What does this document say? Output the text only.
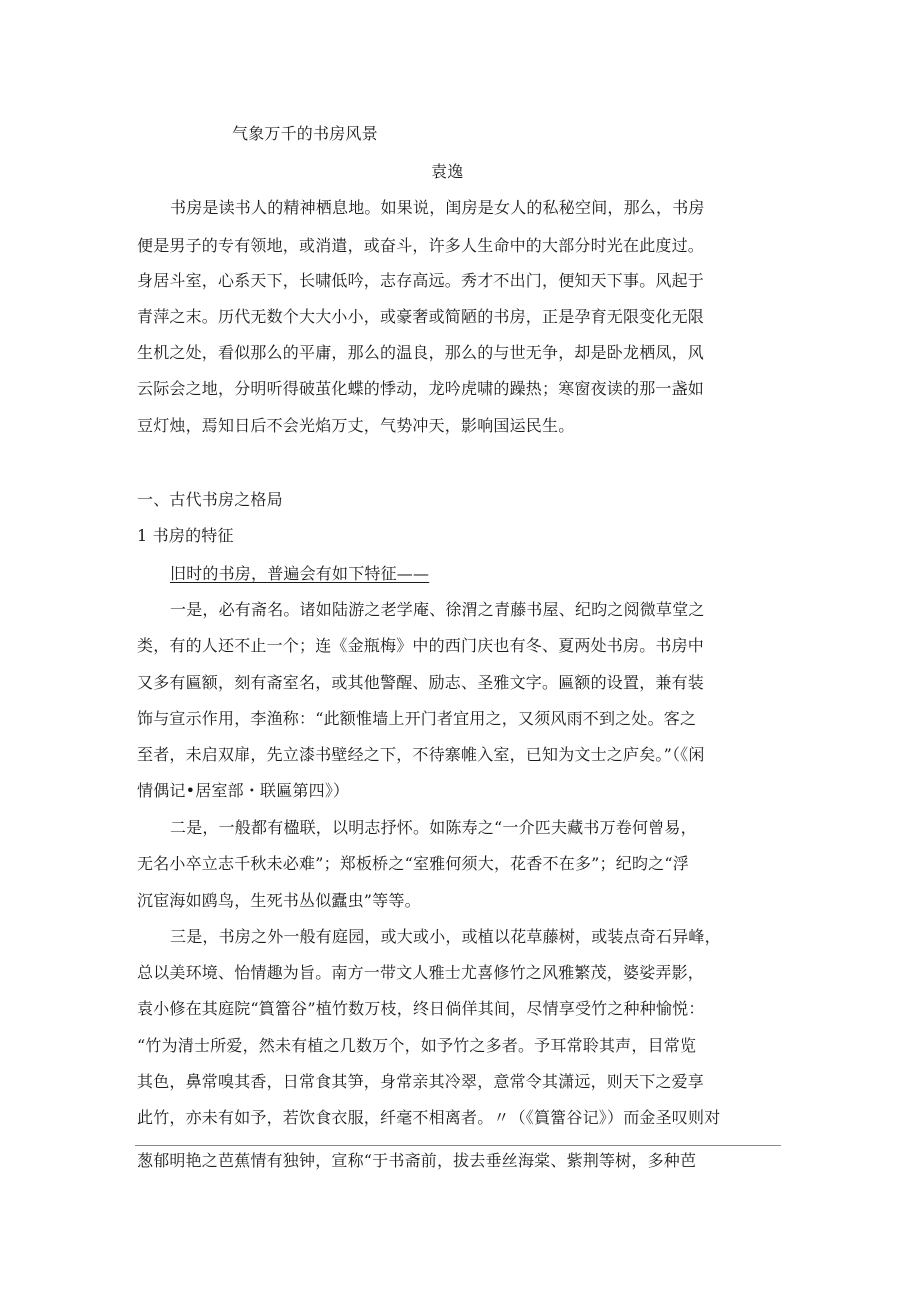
气象万千的书房风景
袁逸
书房是读书人的精神栖息地。如果说，闺房是女人的私秘空间，那么，书房
便是男子的专有领地，或消遣，或奋斗，许多人生命中的大部分时光在此度过。
身居斗室，心系天下，长啸低吟，志存高远。秀才不出门，便知天下事。风起于
青萍之末。历代无数个大大小小，或豪奢或简陋的书房，正是孕育无限变化无限
生机之处，看似那么的平庸，那么的温良，那么的与世无争，却是卧龙栖凤，风
云际会之地，分明听得破茧化蝶的悸动，龙吟虎啸的躁热；寒窗夜读的那一盏如
豆灯烛，焉知日后不会光焰万丈，气势冲天，影响国运民生。
一、古代书房之格局
1 书房的特征
旧时的书房，普遍会有如下特征——
一是，必有斋名。诸如陆游之老学庵、徐渭之青藤书屋、纪昀之阅微草堂之
类，有的人还不止一个；连《金瓶梅》中的西门庆也有冬、夏两处书房。书房中
又多有匾额，刻有斋室名，或其他警醒、励志、圣雅文字。匾额的设置，兼有装
饰与宣示作用，李渔称：“此额惟墙上开门者宜用之，又须风雨不到之处。客之
至者，未启双扉，先立漆书壁经之下，不待寨帷入室，已知为文士之庐矣。”（《闲
情偶记•居室部・联匾第四》）
二是，一般都有楹联，以明志抒怀。如陈寿之“一介匹夫藏书万卷何曾易，
无名小卒立志千秋未必难”；郑板桥之“室雅何须大，花香不在多”；纪昀之“浮
沉宦海如鸥鸟，生死书丛似蠹虫”等等。
三是，书房之外一般有庭园，或大或小，或植以花草藤树，或装点奇石异峰，
总以美环境、怡情趣为旨。南方一带文人雅士尤喜修竹之风雅繁茂，婆娑弄影，
袁小修在其庭院“篔簹谷”植竹数万枝，终日倘佯其间，尽情享受竹之种种愉悦：
“竹为清士所爱，然未有植之几数万个，如予竹之多者。予耳常聆其声，目常览
其色，鼻常嗅其香，日常食其笋，身常亲其冷翠，意常令其潇远，则天下之爱享
此竹，亦未有如予，若饮食衣服，纤毫不相离者。〃（《篔簹谷记》）而金圣叹则对
葱郁明艳之芭蕉情有独钟，宣称“于书斋前，拔去垂丝海棠、紫荆等树，多种芭
